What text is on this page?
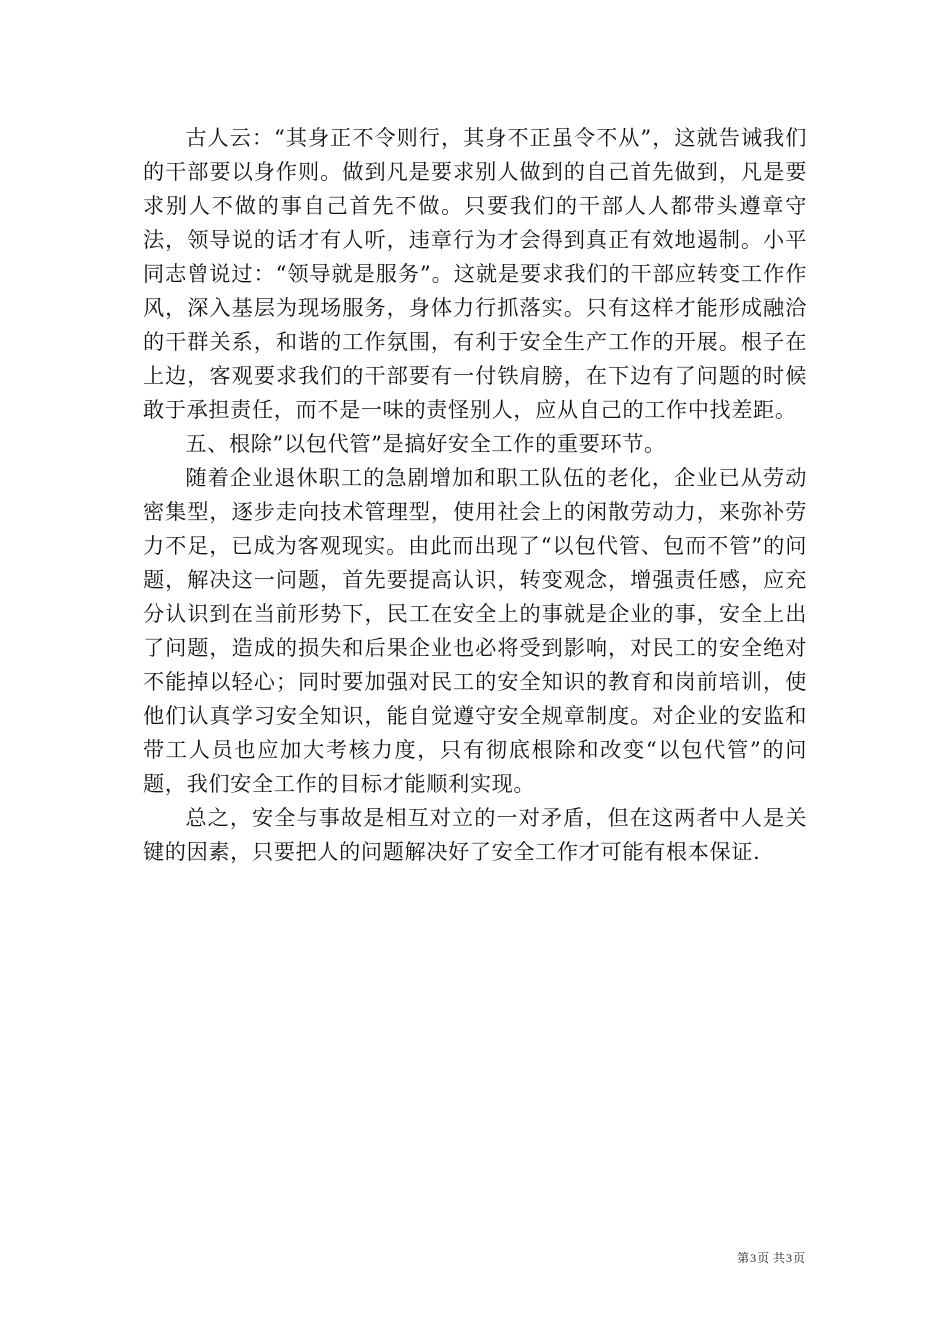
古人云：“其身正不令则行，其身不正虽令不从”，这就告诫我们的干部要以身作则。做到凡是要求别人做到的自己首先做到，凡是要求别人不做的事自己首先不做。只要我们的干部人人都带头遵章守法，领导说的话才有人听，违章行为才会得到真正有效地遏制。小平同志曾说过：“领导就是服务”。这就是要求我们的干部应转变工作作风，深入基层为现场服务，身体力行抓落实。只有这样才能形成融洽的干群关系，和谐的工作氛围，有利于安全生产工作的开展。根子在上边，客观要求我们的干部要有一付铁肩膀，在下边有了问题的时候敢于承担责任，而不是一味的责怪别人，应从自己的工作中找差距。

五、根除”以包代管”是搞好安全工作的重要环节。

随着企业退休职工的急剧增加和职工队伍的老化，企业已从劳动密集型，逐步走向技术管理型，使用社会上的闲散劳动力，来弥补劳力不足，已成为客观现实。由此而出现了“以包代管、包而不管”的问题，解决这一问题，首先要提高认识，转变观念，增强责任感，应充分认识到在当前形势下，民工在安全上的事就是企业的事，安全上出了问题，造成的损失和后果企业也必将受到影响，对民工的安全绝对不能掉以轻心；同时要加强对民工的安全知识的教育和岗前培训，使他们认真学习安全知识，能自觉遵守安全规章制度。对企业的安监和带工人员也应加大考核力度，只有彻底根除和改变“以包代管”的问题，我们安全工作的目标才能顺利实现。

总之，安全与事故是相互对立的一对矛盾，但在这两者中人是关键的因素，只要把人的问题解决好了安全工作才可能有根本保证.

第3页 共3页
